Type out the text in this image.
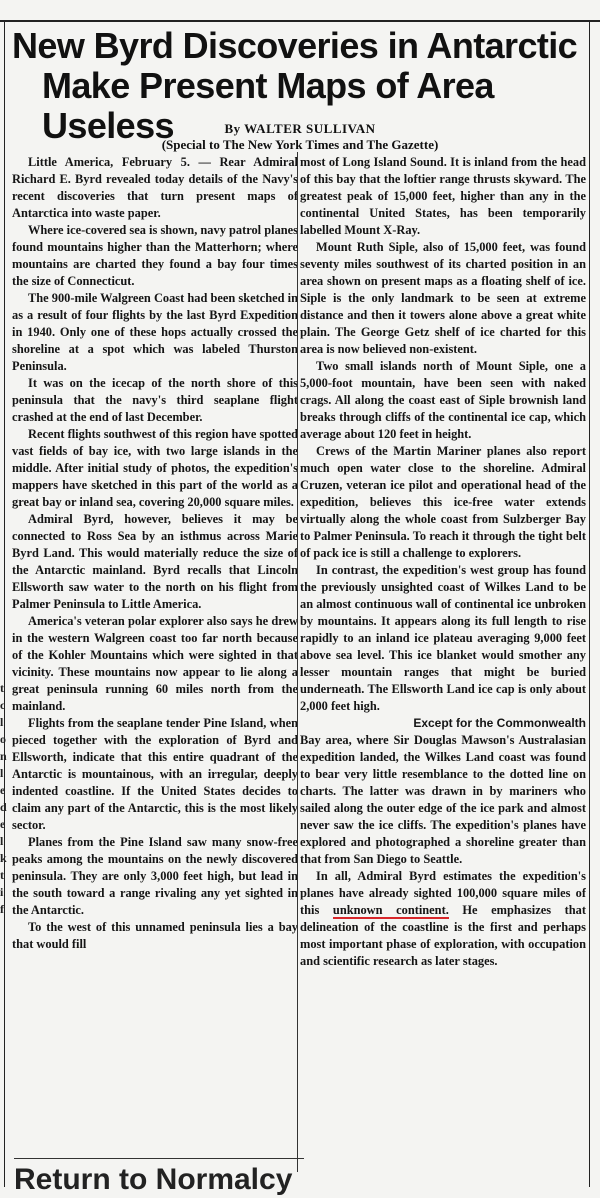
New Byrd Discoveries in Antarctic
Make Present Maps of Area Useless	By WALTER SULLIVAN
(Special to The New York Times and The Gazette)
t
c
l
o
n
l
e
d
e
l
k
t
i
f

Little America, February 5. — Rear Admiral Richard E. Byrd revealed today details of the Navy's recent discoveries that turn present maps of Antarctica into waste paper.

Where ice-covered sea is shown, navy patrol planes found mountains higher than the Matterhorn; where mountains are charted they found a bay four times the size of Connecticut.

The 900-mile Walgreen Coast had been sketched in as a result of four flights by the last Byrd Expedition in 1940. Only one of these hops actually crossed the shoreline at a spot which was labeled Thurston Peninsula.

It was on the icecap of the north shore of this peninsula that the navy's third seaplane flight crashed at the end of last December.

Recent flights southwest of this region have spotted vast fields of bay ice, with two large islands in the middle. After initial study of photos, the expedition's mappers have sketched in this part of the world as a great bay or inland sea, covering 20,000 square miles.

Admiral Byrd, however, believes it may be connected to Ross Sea by an isthmus across Marie Byrd Land. This would materially reduce the size of the Antarctic mainland. Byrd recalls that Lincoln Ellsworth saw water to the north on his flight from Palmer Peninsula to Little America.

America's veteran polar explorer also says he drew in the western Walgreen coast too far north because of the Kohler Mountains which were sighted in that vicinity. These mountains now appear to lie along a great peninsula running 60 miles north from the mainland.

Flights from the seaplane tender Pine Island, when pieced together with the exploration of Byrd and Ellsworth, indicate that this entire quadrant of the Antarctic is mountainous, with an irregular, deeply indented coastline. If the United States decides to claim any part of the Antarctic, this is the most likely sector.

Planes from the Pine Island saw many snow-free peaks among the mountains on the newly discovered peninsula. They are only 3,000 feet high, but lead in the south toward a range rivaling any yet sighted in the Antarctic.

To the west of this unnamed peninsula lies a bay that would fill

most of Long Island Sound. It is inland from the head of this bay that the loftier range thrusts skyward. The greatest peak of 15,000 feet, higher than any in the continental United States, has been temporarily labelled Mount X-Ray.

Mount Ruth Siple, also of 15,000 feet, was found seventy miles southwest of its charted position in an area shown on present maps as a floating shelf of ice. Siple is the only landmark to be seen at extreme distance and then it towers alone above a great white plain. The George Getz shelf of ice charted for this area is now believed non-existent.

Two small islands north of Mount Siple, one a 5,000-foot mountain, have been seen with naked crags. All along the coast east of Siple brownish land breaks through cliffs of the continental ice cap, which average about 120 feet in height.

Crews of the Martin Mariner planes also report much open water close to the shoreline. Admiral Cruzen, veteran ice pilot and operational head of the expedition, believes this ice-free water extends virtually along the whole coast from Sulzberger Bay to Palmer Peninsula. To reach it through the tight belt of pack ice is still a challenge to explorers.

In contrast, the expedition's west group has found the previously unsighted coast of Wilkes Land to be an almost continuous wall of continental ice unbroken by mountains. It appears along its full length to rise rapidly to an inland ice plateau averaging 9,000 feet above sea level. This ice blanket would smother any lesser mountain ranges that might be buried underneath. The Ellsworth Land ice cap is only about 2,000 feet high.

Except for the Commonwealth

Bay area, where Sir Douglas Mawson's Australasian expedition landed, the Wilkes Land coast was found to bear very little resemblance to the dotted line on charts. The latter was drawn in by mariners who sailed along the outer edge of the ice park and almost never saw the ice cliffs. The expedition's planes have explored and photographed a shoreline greater than that from San Diego to Seattle.

In all, Admiral Byrd estimates the expedition's planes have already sighted 100,000 square miles of this unknown continent. He emphasizes that delineation of the coastline is the first and perhaps most important phase of exploration, with occupation and scientific research as later stages.

Return to Normalcy
